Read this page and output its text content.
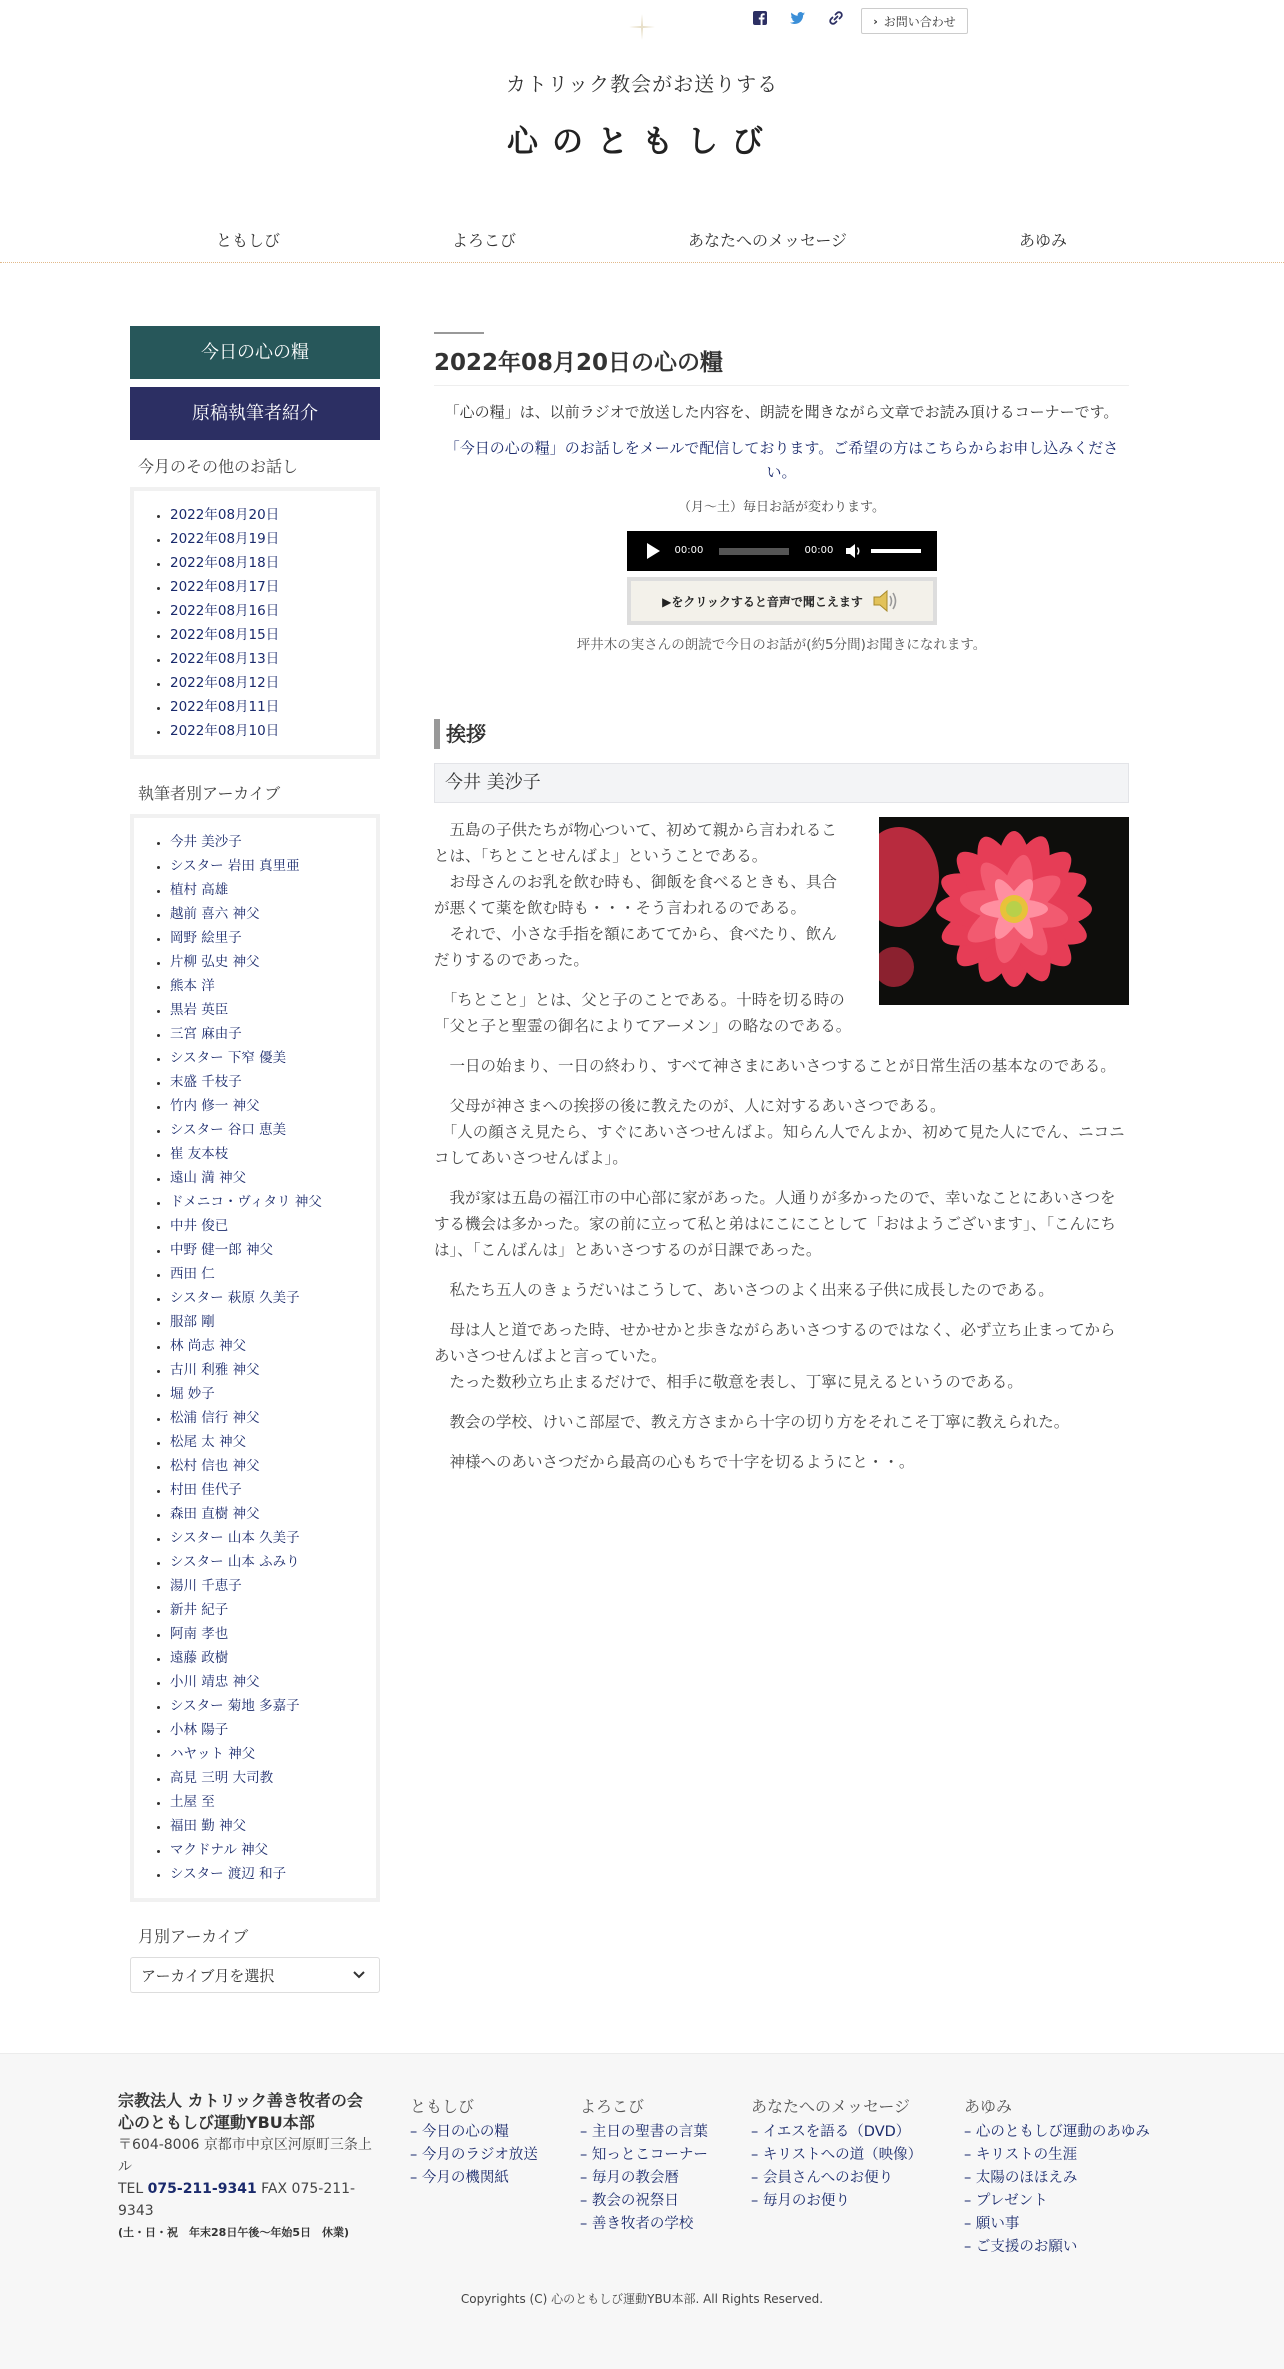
› お問い合わせ
カトリック教会がお送りする
心のともしび
ともしび	よろこび	あなたへのメッセージ	あゆみ
今日の心の糧
原稿執筆者紹介
今月のその他のお話し
• 2022年08月20日
• 2022年08月19日
• 2022年08月18日
• 2022年08月17日
• 2022年08月16日
• 2022年08月15日
• 2022年08月13日
• 2022年08月12日
• 2022年08月11日
• 2022年08月10日
執筆者別アーカイブ
• 今井 美沙子
• シスター 岩田 真里亜
• 植村 高雄
• 越前 喜六 神父
• 岡野 絵里子
• 片柳 弘史 神父
• 熊本 洋
• 黒岩 英臣
• 三宮 麻由子
• シスター 下窄 優美
• 末盛 千枝子
• 竹内 修一 神父
• シスター 谷口 恵美
• 崔 友本枝
• 遠山 満 神父
• ドメニコ・ヴィタリ 神父
• 中井 俊已
• 中野 健一郎 神父
• 西田 仁
• シスター 萩原 久美子
• 服部 剛
• 林 尚志 神父
• 古川 利雅 神父
• 堀 妙子
• 松浦 信行 神父
• 松尾 太 神父
• 松村 信也 神父
• 村田 佳代子
• 森田 直樹 神父
• シスター 山本 久美子
• シスター 山本 ふみり
• 湯川 千恵子
• 新井 紀子
• 阿南 孝也
• 遠藤 政樹
• 小川 靖忠 神父
• シスター 菊地 多嘉子
• 小林 陽子
• ハヤット 神父
• 高見 三明 大司教
• 土屋 至
• 福田 勤 神父
• マクドナル 神父
• シスター 渡辺 和子
月別アーカイブ
アーカイブ月を選択
2022年08月20日の心の糧

「心の糧」は、以前ラジオで放送した内容を、朗読を聞きながら文章でお読み頂けるコーナーです。

「今日の心の糧」のお話しをメールで配信しております。ご希望の方はこちらからお申し込みください。

（月～土）毎日お話が変わります。

00:00	00:00
▶をクリックすると音声で聞こえます

坪井木の実さんの朗読で今日のお話が(約5分間)お聞きになれます。

挨拶
今井 美沙子

　五島の子供たちが物心ついて、初めて親から言われることは、「ちとことせんばよ」ということである。
　お母さんのお乳を飲む時も、御飯を食べるときも、具合が悪くて薬を飲む時も・・・そう言われるのである。
　それで、小さな手指を額にあててから、食べたり、飲んだりするのであった。

　「ちとこと」とは、父と子のことである。十時を切る時の「父と子と聖霊の御名によりてアーメン」の略なのである。

　一日の始まり、一日の終わり、すべて神さまにあいさつすることが日常生活の基本なのである。

　父母が神さまへの挨拶の後に教えたのが、人に対するあいさつである。
　「人の顔さえ見たら、すぐにあいさつせんばよ。知らん人でんよか、初めて見た人にでん、ニコニコしてあいさつせんばよ」。

　我が家は五島の福江市の中心部に家があった。人通りが多かったので、幸いなことにあいさつをする機会は多かった。家の前に立って私と弟はにこにことして「おはようございます」、「こんにちは」、「こんばんは」とあいさつするのが日課であった。

　私たち五人のきょうだいはこうして、あいさつのよく出来る子供に成長したのである。

　母は人と道であった時、せかせかと歩きながらあいさつするのではなく、必ず立ち止まってからあいさつせんばよと言っていた。
　たった数秒立ち止まるだけで、相手に敬意を表し、丁寧に見えるというのである。

　教会の学校、けいこ部屋で、教え方さまから十字の切り方をそれこそ丁寧に教えられた。

　神様へのあいさつだから最高の心もちで十字を切るようにと・・。

宗教法人 カトリック善き牧者の会
心のともしび運動YBU本部
〒604-8006 京都市中京区河原町三条上ル
TEL 075-211-9341 FAX 075-211-9343
(土・日・祝　年末28日午後〜年始5日　休業)
ともしび
– 今日の心の糧
– 今月のラジオ放送
– 今月の機関紙
よろこび
– 主日の聖書の言葉
– 知っとこコーナー
– 毎月の教会暦
– 教会の祝祭日
– 善き牧者の学校
あなたへのメッセージ
– イエスを語る（DVD）
– キリストへの道（映像）
– 会員さんへのお便り
– 毎月のお便り
あゆみ
– 心のともしび運動のあゆみ
– キリストの生涯
– 太陽のほほえみ
– プレゼント
– 願い事
– ご支援のお願い
Copyrights (C) 心のともしび運動YBU本部. All Rights Reserved.
